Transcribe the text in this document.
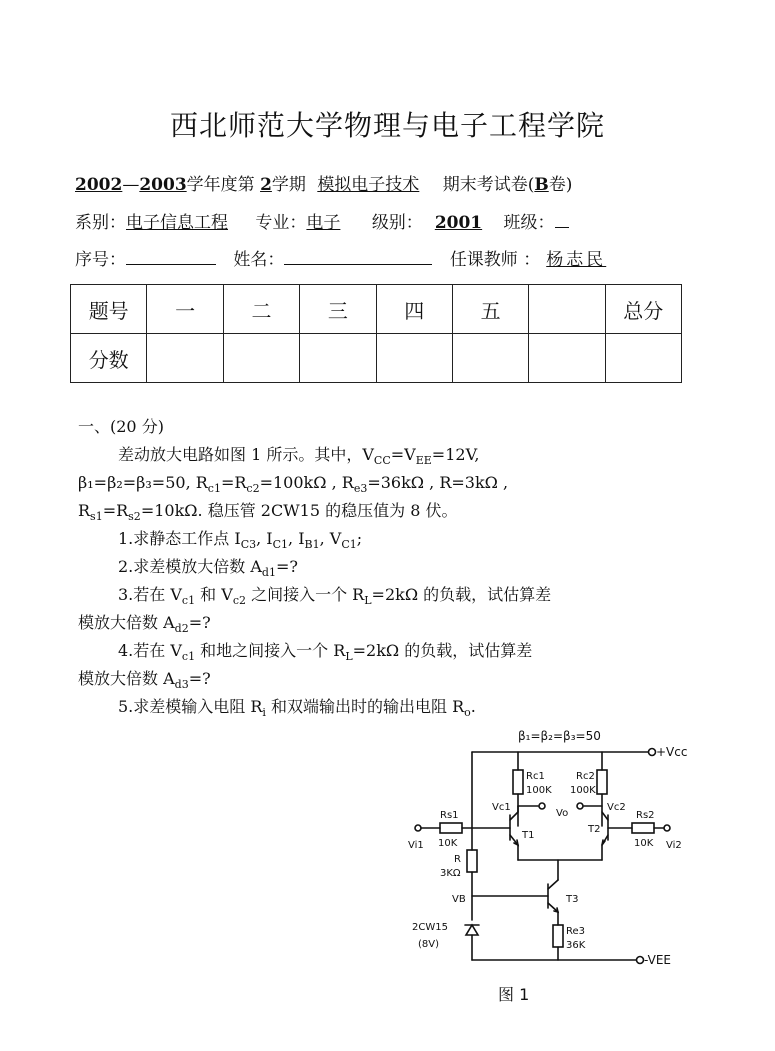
西北师范大学物理与电子工程学院
2002—2003学年度第 2学期 模拟电子技术 期末考试卷(B卷)
系别：电子信息工程 专业：电子 级别： 2001 班级：
序号：	姓名：	任课教师 ： 杨志民
题号	一	二	三	四	五		总分
分数							
一、(20 分)
差动放大电路如图 1 所示。其中，$V_{CC}=V_{EE}=12V$,
β₁=β₂=β₃=50, $R_{c1}=R_{c2}=100k\Omega$ , $R_{e3}=36k\Omega$ , R=3kΩ ,
$R_{s1}=R_{s2}=10k\Omega$. 稳压管 2CW15 的稳压值为 8 伏。
1.求静态工作点 $I_{C3}$, $I_{C1}$, $I_{B1}$, $V_{C1}$;
2.求差模放大倍数 $A_{d1}=$?
3.若在 $V_{c1}$ 和 $V_{c2}$ 之间接入一个 $R_L=2k\Omega$ 的负载，试估算差
模放大倍数 $A_{d2}=$?
4.若在 $V_{c1}$ 和地之间接入一个 $R_L=2k\Omega$ 的负载，试估算差
模放大倍数 $A_{d3}=$?
5.求差模输入电阻 $R_i$ 和双端输出时的输出电阻 $R_o$.
β₁=β₂=β₃=50
+Vcc
-VEE
Rc1
100K
Rc2
100K
Vc1
Vo
Vc2
Rs1
10K
Rs2
10K
Vi1	Vi2
T1
T2
T3
R
3KΩ
VB
2CW15
(8V)
Re3
36K
图 1
